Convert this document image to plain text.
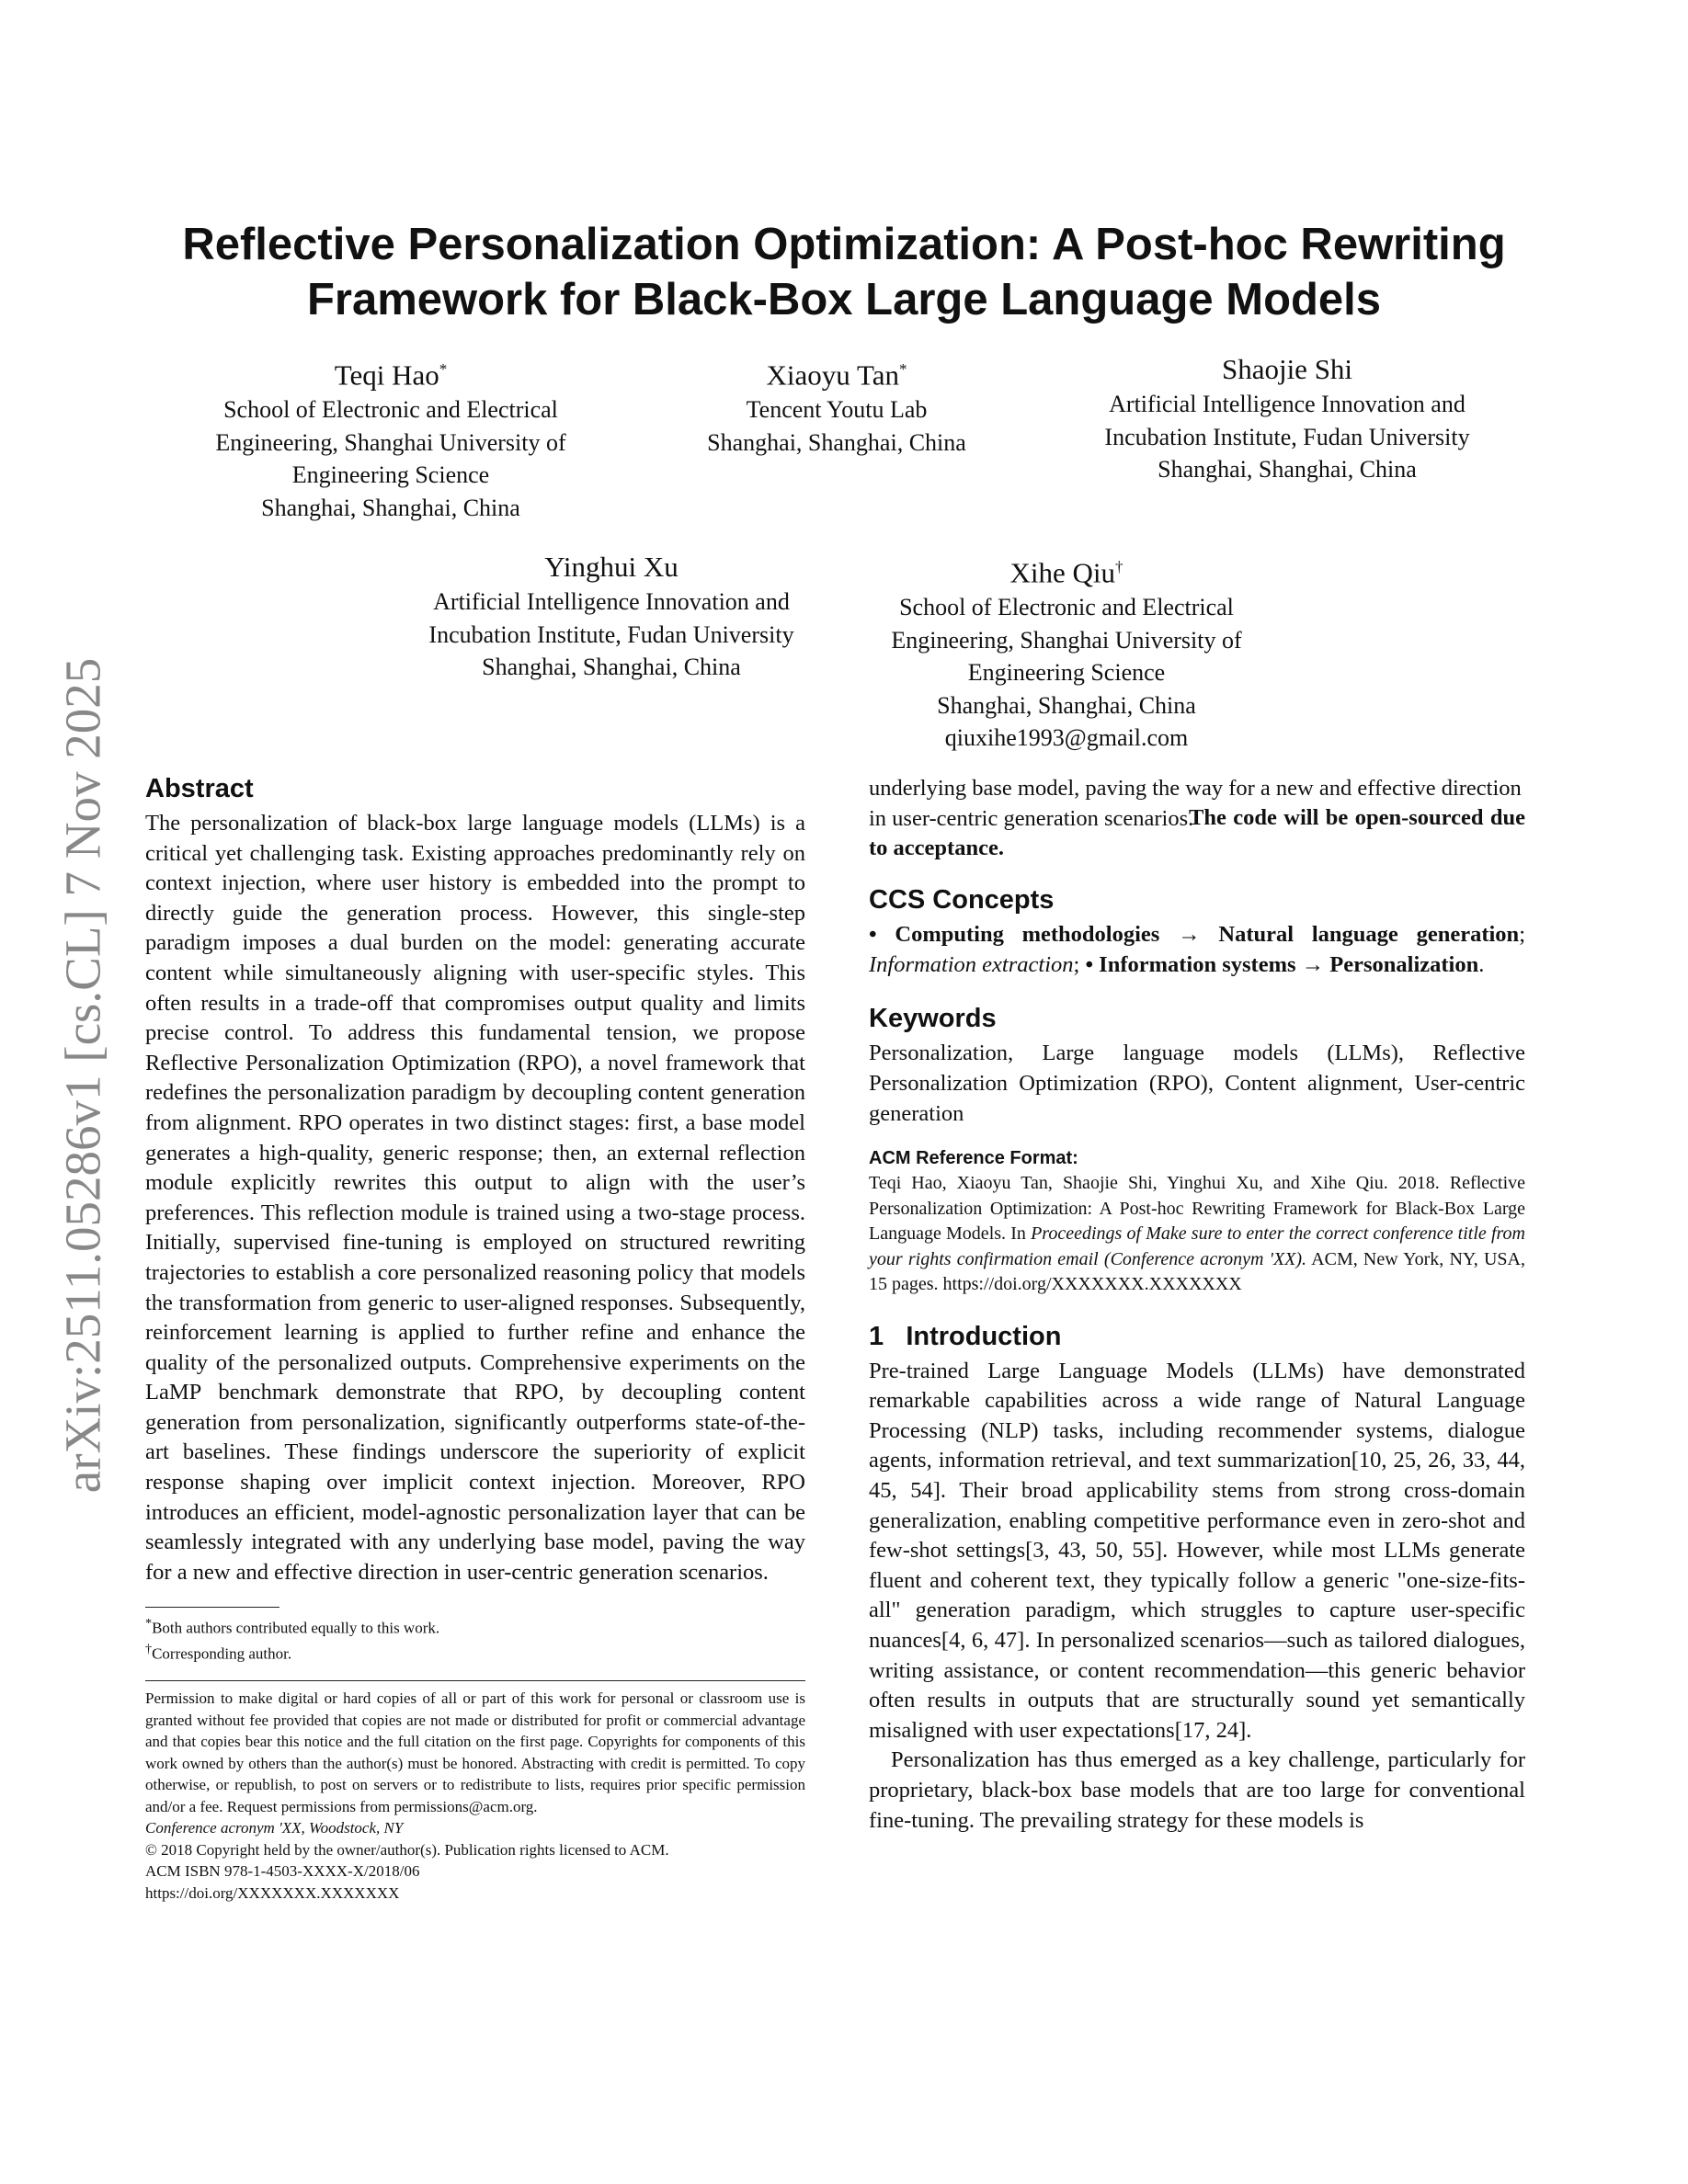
arXiv:2511.05286v1 [cs.CL] 7 Nov 2025
Reflective Personalization Optimization: A Post-hoc Rewriting Framework for Black-Box Large Language Models
Teqi Hao*
School of Electronic and Electrical
Engineering, Shanghai University of
Engineering Science
Shanghai, Shanghai, China
Xiaoyu Tan*
Tencent Youtu Lab
Shanghai, Shanghai, China
Shaojie Shi
Artificial Intelligence Innovation and
Incubation Institute, Fudan University
Shanghai, Shanghai, China
Yinghui Xu
Artificial Intelligence Innovation and
Incubation Institute, Fudan University
Shanghai, Shanghai, China
Xihe Qiu†
School of Electronic and Electrical
Engineering, Shanghai University of
Engineering Science
Shanghai, Shanghai, China
qiuxihe1993@gmail.com
Abstract

The personalization of black-box large language models (LLMs) is a critical yet challenging task. Existing approaches predominantly rely on context injection, where user history is embedded into the prompt to directly guide the generation process. However, this single-step paradigm imposes a dual burden on the model: generating accurate content while simultaneously aligning with user-specific styles. This often results in a trade-off that compromises output quality and limits precise control. To address this fundamental tension, we propose Reflective Personalization Optimization (RPO), a novel framework that redefines the personalization paradigm by decoupling content generation from alignment. RPO operates in two distinct stages: first, a base model generates a high-quality, generic response; then, an external reflection module explicitly rewrites this output to align with the user’s preferences. This reflection module is trained using a two-stage process. Initially, supervised fine-tuning is employed on structured rewriting trajectories to establish a core personalized reasoning policy that models the transformation from generic to user-aligned responses. Subsequently, reinforcement learning is applied to further refine and enhance the quality of the personalized outputs. Comprehensive experiments on the LaMP benchmark demonstrate that RPO, by decoupling content generation from personalization, significantly outperforms state-of-the-art baselines. These findings underscore the superiority of explicit response shaping over implicit context injection. Moreover, RPO introduces an efficient, model-agnostic personalization layer that can be seamlessly integrated with any underlying base model, paving the way for a new and effective direction in user-centric generation scenarios.

*Both authors contributed equally to this work.
†Corresponding author.
Permission to make digital or hard copies of all or part of this work for personal or classroom use is granted without fee provided that copies are not made or distributed for profit or commercial advantage and that copies bear this notice and the full citation on the first page. Copyrights for components of this work owned by others than the author(s) must be honored. Abstracting with credit is permitted. To copy otherwise, or republish, to post on servers or to redistribute to lists, requires prior specific permission and/or a fee. Request permissions from permissions@acm.org.
Conference acronym 'XX, Woodstock, NY
© 2018 Copyright held by the owner/author(s). Publication rights licensed to ACM.
ACM ISBN 978-1-4503-XXXX-X/2018/06
https://doi.org/XXXXXXX.XXXXXXX

underlying base model, paving the way for a new and effective direction in user-centric generation scenarios.

The code will be open-sourced due to acceptance.

CCS Concepts

• Computing methodologies → Natural language generation; Information extraction; • Information systems → Personalization.

Keywords

Personalization, Large language models (LLMs), Reflective Personalization Optimization (RPO), Content alignment, User-centric generation

ACM Reference Format:

Teqi Hao, Xiaoyu Tan, Shaojie Shi, Yinghui Xu, and Xihe Qiu. 2018. Reflective Personalization Optimization: A Post-hoc Rewriting Framework for Black-Box Large Language Models. In Proceedings of Make sure to enter the correct conference title from your rights confirmation email (Conference acronym 'XX). ACM, New York, NY, USA, 15 pages. https://doi.org/XXXXXXX.XXXXXXX

1 Introduction

Pre-trained Large Language Models (LLMs) have demonstrated remarkable capabilities across a wide range of Natural Language Processing (NLP) tasks, including recommender systems, dialogue agents, information retrieval, and text summarization[10, 25, 26, 33, 44, 45, 54]. Their broad applicability stems from strong cross-domain generalization, enabling competitive performance even in zero-shot and few-shot settings[3, 43, 50, 55]. However, while most LLMs generate fluent and coherent text, they typically follow a generic "one-size-fits-all" generation paradigm, which struggles to capture user-specific nuances[4, 6, 47]. In personalized scenarios—such as tailored dialogues, writing assistance, or content recommendation—this generic behavior often results in outputs that are structurally sound yet semantically misaligned with user expectations[17, 24].

Personalization has thus emerged as a key challenge, particularly for proprietary, black-box base models that are too large for conventional fine-tuning. The prevailing strategy for these models is
